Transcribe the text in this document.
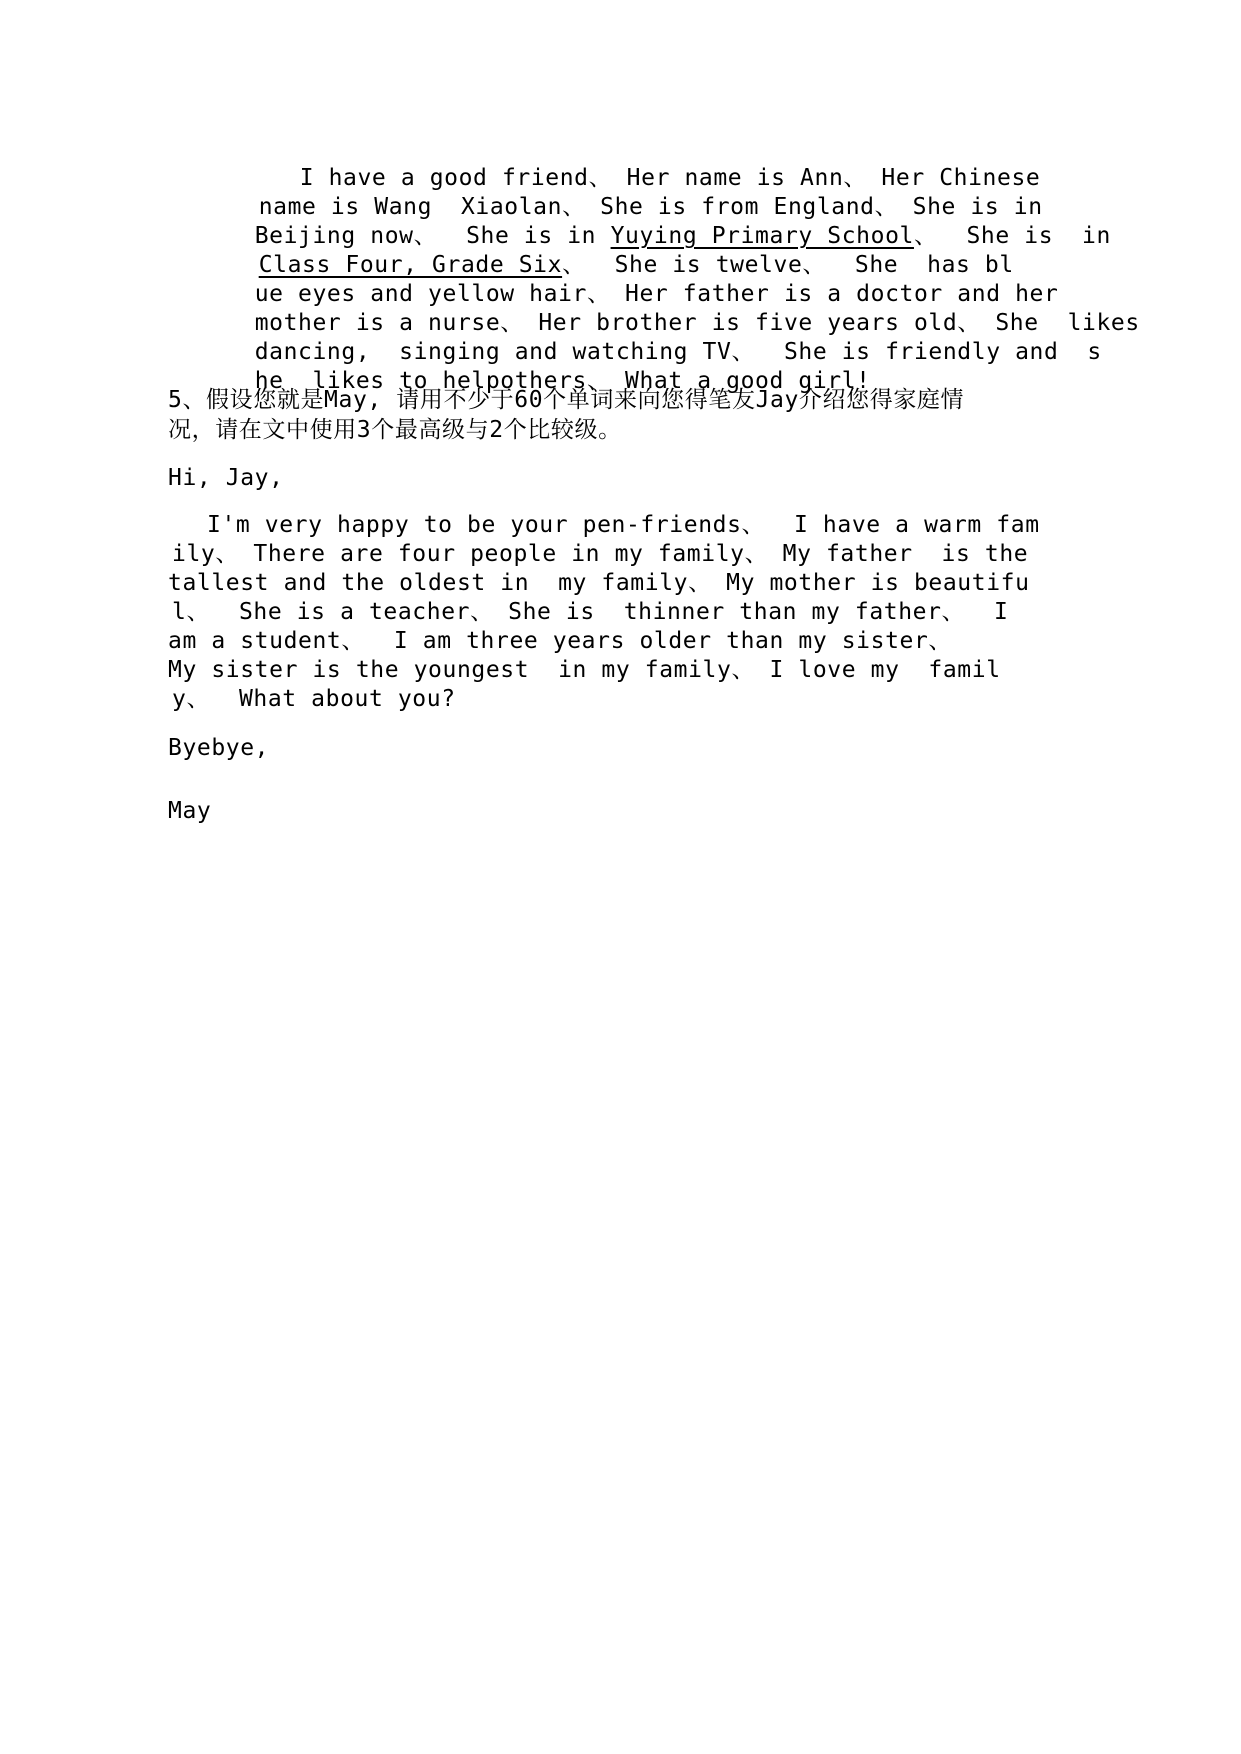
I have a good friend、 Her name is Ann、 Her Chinese

name is Wang  Xiaolan、 She is from England、 She is in

Beijing now、  She is in Yuying Primary School、  She is  in

Class Four, Grade Six、  She is twelve、  She  has bl

ue eyes and yellow hair、 Her father is a doctor and her

mother is a nurse、 Her brother is five years old、 She  likes

dancing,  singing and watching TV、  She is friendly and  s

he  likes to helpothers、 What a good girl!

5、假设您就是May, 请用不少于60个单词来向您得笔友Jay介绍您得家庭情
况，请在文中使用3个最高级与2个比较级。
Hi, Jay,
I'm very happy to be your pen-friends、  I have a warm fam
ily、 There are four people in my family、 My father  is the
tallest and the oldest in  my family、 My mother is beautifu
l、  She is a teacher、 She is  thinner than my father、  I
am a student、  I am three years older than my sister、
My sister is the youngest  in my family、 I love my  famil
y、  What about you?
Byebye,
May
